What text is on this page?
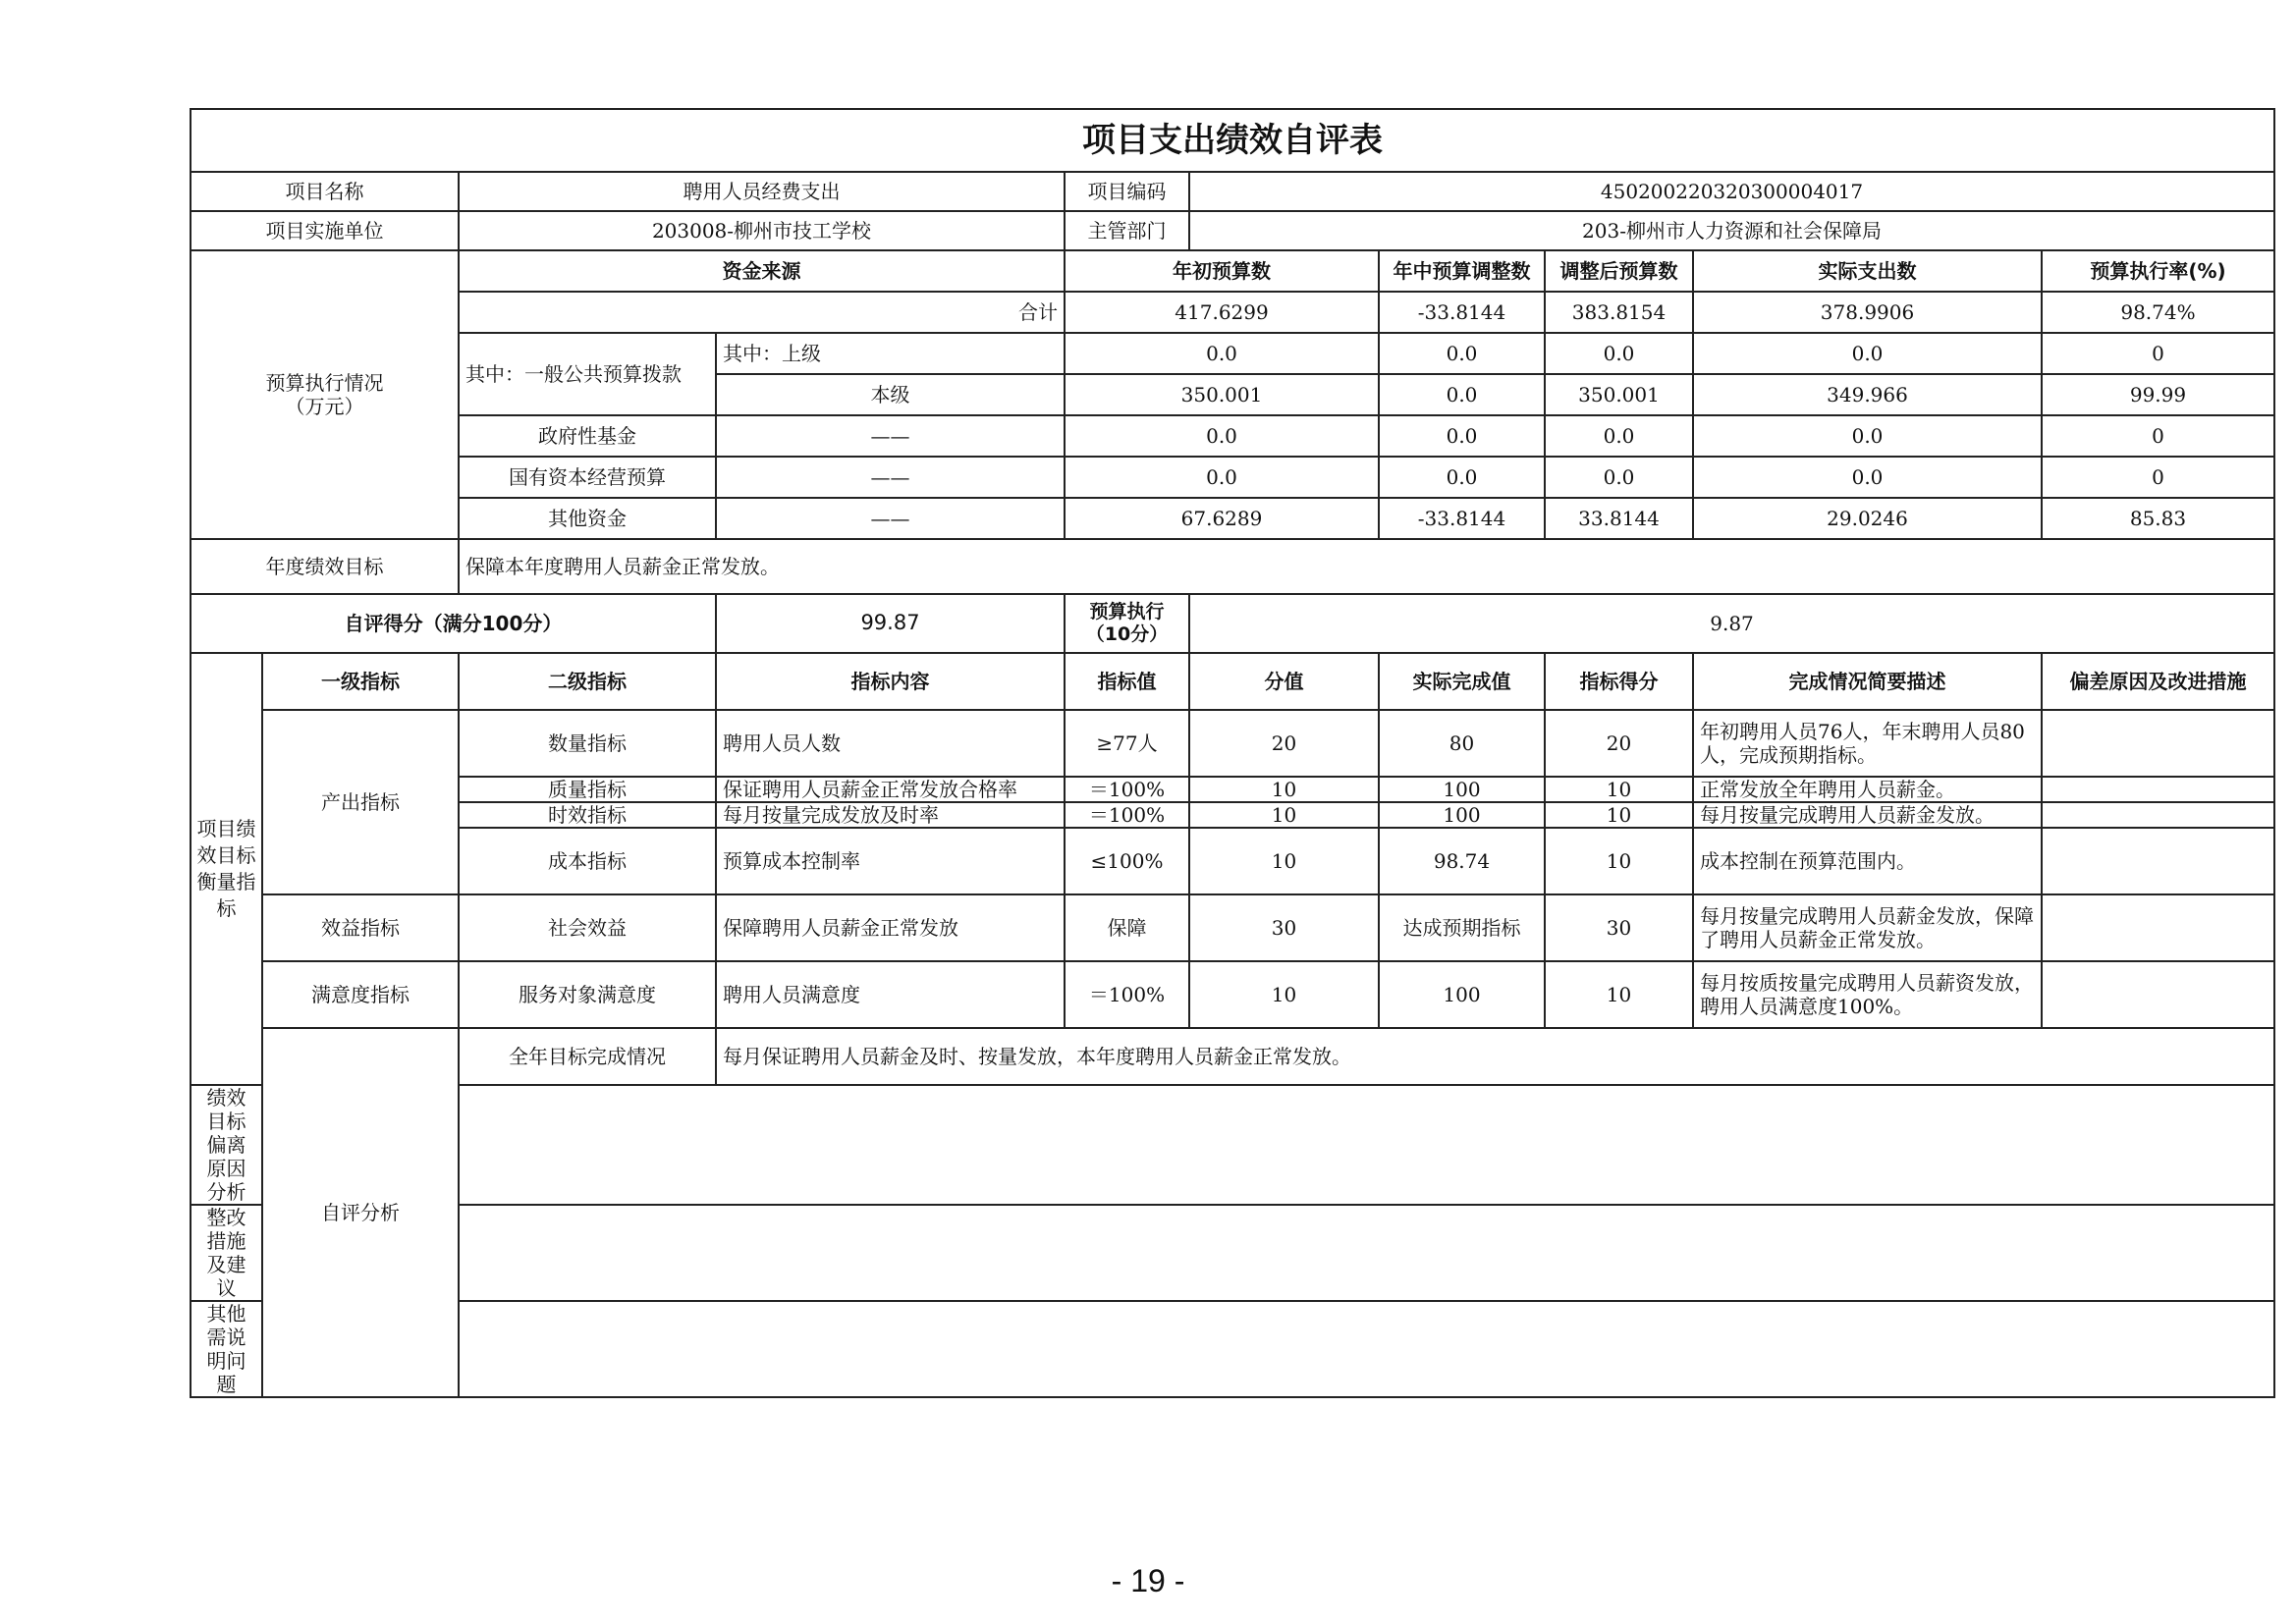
项目支出绩效自评表									
项目名称		聘用人员经费支出		项目编码	450200220320300004017				
项目实施单位		203008-柳州市技工学校		主管部门	203-柳州市人力资源和社会保障局				

预算执行情况
（万元）		资金来源		年初预算数		年中预算调整数	调整后预算数	实际支出数	预算执行率(%)
		合计		417.6299		-33.8144	383.8154	378.9906	98.74%
		其中：一般公共预算拨款	其中：上级	0.0		0.0	0.0	0.0	0
			本级	350.001		0.0	350.001	349.966	99.99
		政府性基金	——	0.0		0.0	0.0	0.0	0
		国有资本经营预算	——	0.0		0.0	0.0	0.0	0
		其他资金	——	67.6289		-33.8144	33.8144	29.0246	85.83
年度绩效目标		保障本年度聘用人员薪金正常发放。							
自评得分（满分100分）			99.87	预算执行（10分）	9.87				
项目绩效目标衡量指标	一级指标	二级指标	指标内容	指标值	分值	实际完成值	指标得分	完成情况简要描述	偏差原因及改进措施
	产出指标	数量指标	聘用人员人数	≥77人	20	80	20	年初聘用人员76人，年末聘用人员80人，完成预期指标。	
		质量指标	保证聘用人员薪金正常发放合格率	＝100%	10	100	10	正常发放全年聘用人员薪金。	
		时效指标	每月按量完成发放及时率	＝100%	10	100	10	每月按量完成聘用人员薪金发放。	
		成本指标	预算成本控制率	≤100%	10	98.74	10	成本控制在预算范围内。	
	效益指标	社会效益	保障聘用人员薪金正常发放	保障	30	达成预期指标	30	每月按量完成聘用人员薪金发放，保障了聘用人员薪金正常发放。	
	满意度指标	服务对象满意度	聘用人员满意度	＝100%	10	100	10	每月按质按量完成聘用人员薪资发放，聘用人员满意度100%。	
	自评分析	全年目标完成情况	每月保证聘用人员薪金及时、按量发放，本年度聘用人员薪金正常发放。						
绩效目标偏离原因分析									
整改措施及建议									
其他需说明问题									
- 19 -
